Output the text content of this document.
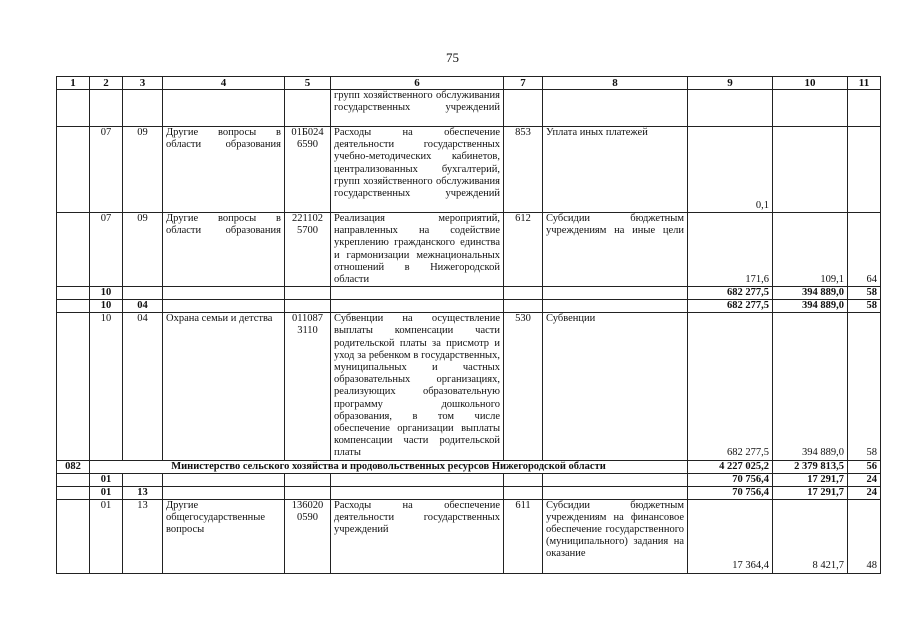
75
1	2	3	4	5	6	7	8	9	10	11
					групп хозяйственного обслуживания государственных учреждений					
	07	09	Другие вопросы в области образования	01Б024 6590	Расходы на обеспечение деятельности государственных учебно-методических кабинетов, централизованных бухгалтерий, групп хозяйственного обслуживания государственных учреждений	853	Уплата иных платежей	0,1		
	07	09	Другие вопросы в области образования	221102 5700	Реализация мероприятий, направленных на содействие укреплению гражданского единства и гармонизации межнациональных отношений в Нижегородской области	612	Субсидии бюджетным учреждениям на иные цели	171,6	109,1	64
	10							682 277,5	394 889,0	58
	10	04						682 277,5	394 889,0	58
	10	04	Охрана семьи и детства	011087 3110	Субвенции на осуществление выплаты компенсации части родительской платы за присмотр и уход за ребенком в государственных, муниципальных и частных образовательных организациях, реализующих образовательную программу дошкольного образования, в том числе обеспечение организации выплаты компенсации части родительской платы	530	Субвенции	682 277,5	394 889,0	58
082	Министерство сельского хозяйства и продовольственных ресурсов Нижегородской области							4 227 025,2	2 379 813,5	56
	01							70 756,4	17 291,7	24
	01	13						70 756,4	17 291,7	24
	01	13	Другие общегосударственные вопросы	136020 0590	Расходы на обеспечение деятельности государственных учреждений	611	Субсидии бюджетным учреждениям на финансовое обеспечение государственного (муниципального) задания на оказание	17 364,4	8 421,7	48
